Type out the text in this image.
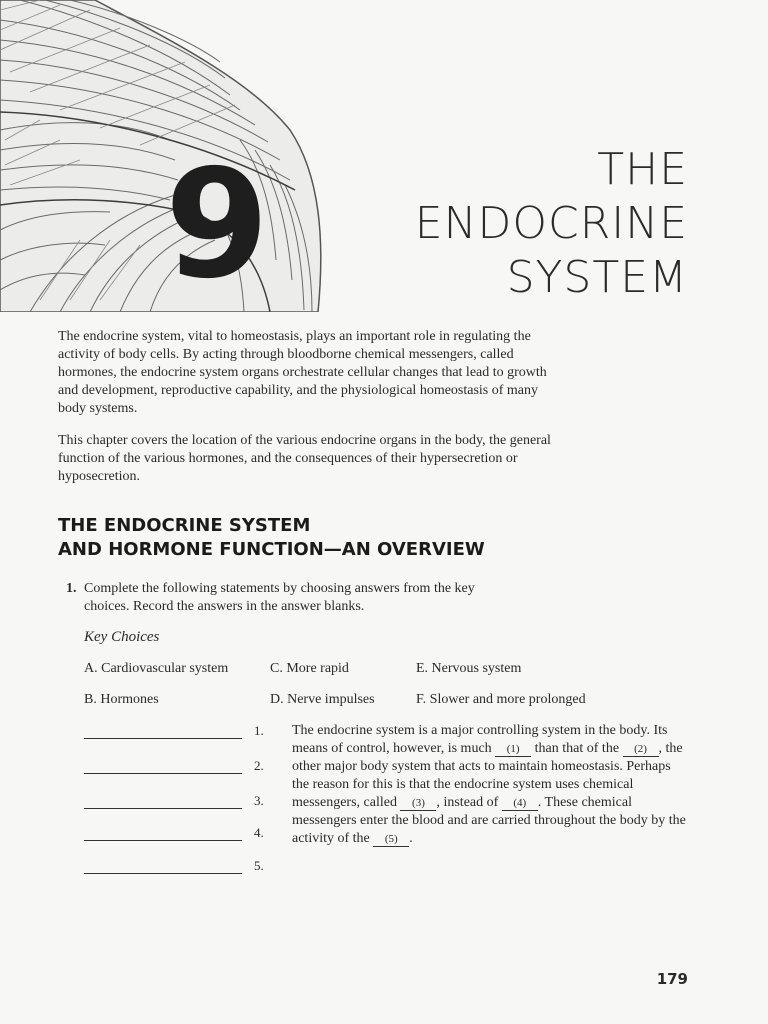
9	THE
ENDOCRINE
SYSTEM

The endocrine system, vital to homeostasis, plays an important role in regulating the activity of body cells. By acting through bloodborne chemical messengers, called hormones, the endocrine system organs orchestrate cellular changes that lead to growth and development, reproductive capability, and the physiological homeostasis of many body systems.

This chapter covers the location of the various endocrine organs in the body, the general function of the various hormones, and the consequences of their hypersecretion or hyposecretion.

THE ENDOCRINE SYSTEM
AND HORMONE FUNCTION—AN OVERVIEW
1. Complete the following statements by choosing answers from the key
choices. Record the answers in the answer blanks.
Key Choices
A. Cardiovascular system
B. Hormones
C. More rapid
D. Nerve impulses
E. Nervous system
F. Slower and more prolonged
1.
2.
3.
4.
5.
The endocrine system is a major controlling system in the body. Its means of control, however, is much (1) than that of the (2) , the other major body system that acts to maintain homeostasis. Perhaps the reason for this is that the endocrine system uses chemical messengers, called (3) , instead of (4) . These chemical messengers enter the blood and are carried throughout the body by the activity of the (5) .
179
